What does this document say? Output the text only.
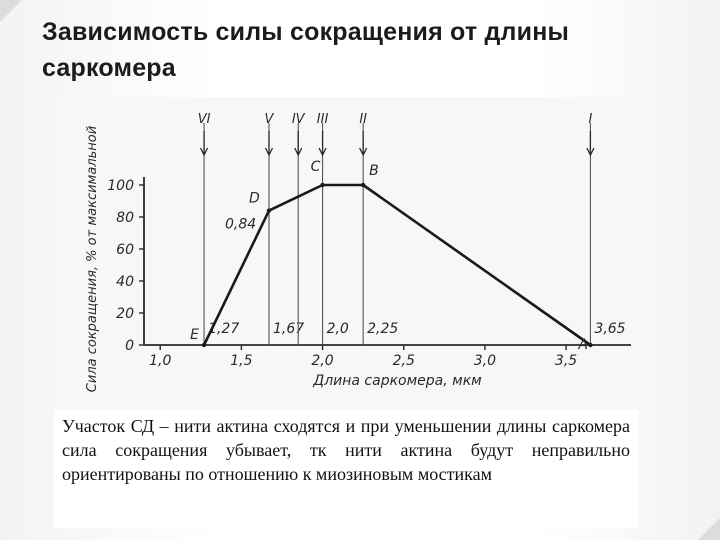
Зависимость силы сокращения от длины саркомера
0
20
40
60
80
100
1,0	1,5	2,0	2,5	3,0	3,5
VI
1,27
V
1,67
IV III
2,0
II
2,25
I
3,65
E
D
C	B
A
0,84
Длина саркомера, мкм
Сила сокращения, % от максимальной
Участок СД – нити актина сходятся и при уменьшении длины саркомера сила сокращения убывает, тк нити актина будут неправильно ориентированы по отношению к миозиновым мостикам
